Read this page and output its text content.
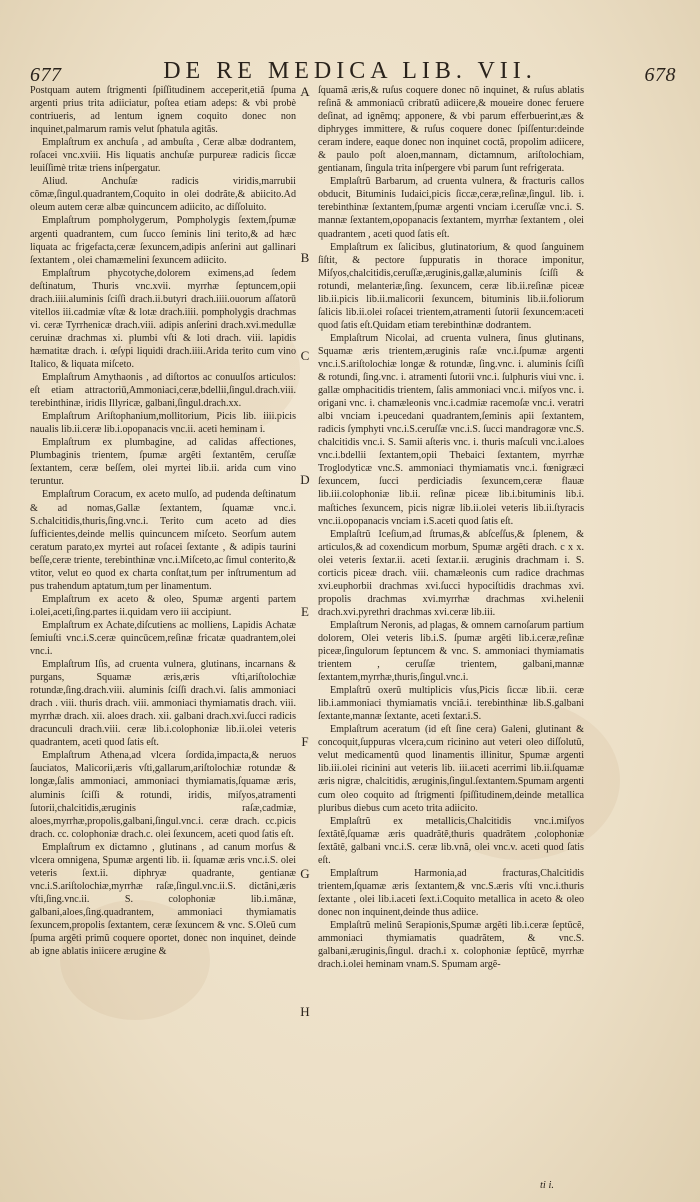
677	DE RE MEDICA LIB. VII.	678

Postquam autem ſtrigmenti ſpiſſitudinem acceperit,etiã ſpuma argenti prius trita adiiciatur, poſtea etiam adeps: & vbi probè contriueris, ad lentum ignem coquito donec non inquinet,palmarum ramis velut ſphatula agitãs.

Emplaſtrum ex anchuſa , ad ambuſta , Ceræ albæ dodrantem, roſacei vnc.xviii. His liquatis anchuſæ purpureæ radicis ſiccæ leuiſſimè tritæ triens inſpergatur.

Aliud. Anchuſæ radicis viridis,marrubii cõmæ,ſingul.quadrantem,Coquito in olei dodrãte,& abiicito.Ad oleum autem ceræ albæ quincuncem adiicito, ac diſſoluito.

Emplaſtrum pompholygerum, Pompholygis ſextem,ſpumæ argenti quadrantem, cum ſucco ſeminis lini terito,& ad hæc liquata ac frigefacta,ceræ ſexuncem,adipis anſerini aut gallinari ſextantem , olei chamæmelini ſexuncem adiicito.

Emplaſtrum phycotyche,dolorem eximens,ad ſedem deſtinatum, Thuris vnc.xvii. myrrhæ ſeptuncem,opii drach.iiii.aluminis ſciſſi drach.ii.butyri drach.iiii.ouorum aſſatorū vitellos iii.cadmiæ vſtæ & lotæ drach.iiii. pompholygis drachmas vi. ceræ Tyrrhenicæ drach.viii. adipis anſerini drach.xvi.medullæ ceruinæ drachmas xi. plumbi vſti & loti drach. viii. lapidis hæmatitæ drach. i. œſypi liquidi drach.iiii.Arida terito cum vino Italico, & liquata miſceto.

Emplaſtrum Amythaonis , ad diſtortos ac conuulſos articulos: eſt etiam attractoriū,Ammoniaci,ceræ,bdellii,ſingul.drach.viii. terebinthinæ, iridis Illyricæ, galbani,ſingul.drach.xx.

Emplaſtrum Ariſtophanium,mollitorium, Picis lib. iiii.picis naualis lib.ii.ceræ lib.i.opopanacis vnc.ii. aceti heminam i.

Emplaſtrum ex plumbagine, ad calidas affectiones, Plumbaginis trientem, ſpumæ argẽti ſextantẽm, ceruſſæ ſextantem, ceræ beſſem, olei myrtei lib.ii. arida cum vino teruntur.

Emplaſtrum Coracum, ex aceto mulſo, ad pudenda deſtinatum & ad nomas,Gallæ ſextantem, ſquamæ vnc.i. S.chalcitidis,thuris,ſing.vnc.i. Terito cum aceto ad dies ſufficientes,deinde mellis quincuncem miſceto. Seorſum autem ceratum parato,ex myrtei aut roſacei ſextante , & adipis taurini beſſe,ceræ triente, terebinthinæ vnc.i.Miſceto,ac ſimul conterito,& vtitor, velut eo quod ex charta conſtat,tum per inſtrumentum ad pus trahendum aptatum,tum per linamentum.

Emplaſtrum ex aceto & oleo, Spumæ argenti partem i.olei,aceti,ſing.partes ii.quidam vero iii accipiunt.

Emplaſtrum ex Achate,diſcutiens ac molliens, Lapidis Achatæ ſemiuſti vnc.i.S.ceræ quincūcem,reſinæ fricatæ quadrantem,olei vnc.i.

Emplaſtrum Iſis, ad cruenta vulnera, glutinans, incarnans & purgans, Squamæ æris,æris vſti,ariſtolochiæ rotundæ,ſing.drach.viii. aluminis ſciſſi drach.vi. ſalis ammoniaci drach . viii. thuris drach. viii. ammoniaci thymiamatis drach. viii. myrrhæ drach. xii. aloes drach. xii. galbani drach.xvi.ſucci radicis dracunculi drach.viii. ceræ lib.i.colophoniæ lib.ii.olei veteris quadrantem, aceti quod ſatis eſt.

Emplaſtrum Athena,ad vlcera ſordida,impacta,& neruos ſauciatos, Malicorii,æris vſti,gallarum,ariſtolochiæ rotundæ & longæ,ſalis ammoniaci, ammoniaci thymiamatis,ſquamæ æris, aluminis ſciſſi & rotundi, iridis, miſyos,atramenti ſutorii,chalcitidis,æruginis raſæ,cadmiæ, aloes,myrrhæ,propolis,galbani,ſingul.vnc.i. ceræ drach. cc.picis drach. cc. colophoniæ drach.c. olei ſexuncem, aceti quod ſatis eſt.

Emplaſtrum ex dictamno , glutinans , ad canum morſus & vlcera omnigena, Spumæ argenti lib. ii. ſquamæ æris vnc.i.S. olei veteris ſext.ii. diphryæ quadrante, gentianæ vnc.i.S.ariſtolochiæ,myrrhæ raſæ,ſingul.vnc.ii.S. dictãni,æris vſti,ſing.vnc.ii. S. colophoniæ lib.i.mãnæ, galbani,aloes,ſing.quadrantem, ammoniaci thymiamatis ſexuncem,propolis ſextantem, ceræ ſexuncem & vnc. S.Oleũ cum ſpuma argẽti primũ coquere oportet, donec non inquinet, deinde ab igne ablatis iniicere ærugine &

A
B
C
D
E
F
G
H

ſquamã æris,& ruſus coquere donec nõ inquinet, & ruſus ablatis reſinã & ammoniacũ cribratũ adiicere,& moueire donec feruere deſinat, ad ignẽmq; apponere, & vbi parum efferbuerint,æs & diphryges immittere, & ruſus coquere donec ſpiſſentur:deinde ceram indere, eaque donec non inquinet coctã, propolim adiicere, & paulo poſt aloen,mannam, dictamnum, ariſtolochiam, gentianam, ſingula trita inſpergere vbi parum ſunt refrigerata.

Emplaſtrũ Barbarum, ad cruenta vulnera, & fracturis callos obducit, Bituminis Iudaici,picis ſiccæ,ceræ,reſinæ,ſingul. lib. i. terebinthinæ ſextantem,ſpumæ argenti vnciam i.ceruſſæ vnc.i. S. mannæ ſextantem,opopanacis ſextantem, myrrhæ ſextantem , olei quadrantem , aceti quod ſatis eſt.

Emplaſtrum ex ſalicibus, glutinatorium, & quod ſanguinem ſiſtit, & pectore ſuppuratis in thorace imponitur, Miſyos,chalcitidis,ceruſſæ,æruginis,gallæ,aluminis ſciſſi & rotundi, melanteriæ,ſing. ſexuncem, ceræ lib.ii.reſinæ piceæ lib.ii.picis lib.ii.malicorii ſexuncem, bituminis lib.ii.foliorum ſalicis lib.ii.olei roſacei trientem,atramenti ſutorii ſexuncem:aceti quod ſatis eſt.Quidam etiam terebinthinæ dodrantem.

Emplaſtrum Nicolai, ad cruenta vulnera, ſinus glutinans, Squamæ æris trientem,æruginis raſæ vnc.i.ſpumæ argenti vnc.i.S.ariſtolochiæ longæ & rotundæ, ſing.vnc. i. aluminis ſciſſi & rotundi, ſing.vnc. i. atramenti ſutorii vnc.i. ſulphuris viui vnc. i. gallæ omphacitidis trientem, ſalis ammoniaci vnc.i. miſyos vnc. i. origani vnc. i. chamæleonis vnc.i.cadmiæ racemoſæ vnc.i. veratri albi vnciam i.peucedani quadrantem,ſeminis apii ſextantem, radicis ſymphyti vnc.i.S.ceruſſæ vnc.i.S. ſucci mandragoræ vnc.S. chalcitidis vnc.i. S. Samii aſteris vnc. i. thuris maſculi vnc.i.aloes vnc.i.bdellii ſextantem,opii Thebaici ſextantem, myrrhæ Troglodyticæ vnc.S. ammoniaci thymiamatis vnc.i. fœnigræci ſexuncem, ſucci perdiciadis ſexuncem,ceræ flauæ lib.iii.colophoniæ lib.ii. reſinæ piceæ lib.i.bituminis lib.i. maſtiches ſexuncem, picis nigræ lib.ii.olei veteris lib.ii.ſtyracis vnc.ii.opopanacis vnciam i.S.aceti quod ſatis eſt.

Emplaſtrũ Iceſium,ad ſtrumas,& abſceſſus,& ſplenem, & articulos,& ad coxendicum morbum, Spumæ argẽti drach. c x x. olei veteris ſextar.ii. aceti ſextar.ii. æruginis drachmam i. S. corticis piceæ drach. viii. chamæleonis cum radice drachmas xvi.euphorbii drachmas xvi.ſucci hypociſtidis drachmas xvi. propolis drachmas xvi.myrrhæ drachmas xvi.helenii drach.xvi.pyrethri drachmas xvi.ceræ lib.iii.

Emplaſtrum Neronis, ad plagas, & omnem carnoſarum partium dolorem, Olei veteris lib.i.S. ſpumæ argẽti lib.i.ceræ,reſinæ piceæ,ſingulorum ſeptuncem & vnc. S. ammoniaci thymiamatis trientem , ceruſſæ trientem, galbani,mannæ ſextantem,myrrhæ,thuris,ſingul.vnc.i.

Emplaſtrũ oxerũ multiplicis vſus,Picis ſiccæ lib.ii. ceræ lib.i.ammoniaci thymiamatis vnciã.i. terebinthinæ lib.S.galbani ſextante,mannæ ſextante, aceti ſextar.i.S.

Emplaſtrum aceratum (id eſt ſine cera) Galeni, glutinant & concoquit,ſuppuras vlcera,cum ricinino aut veteri oleo diſſolutũ, velut medicamentũ quod linamentis illinitur, Spumæ argenti lib.iii.olei ricinini aut veteris lib. iii.aceti acerrimi lib.ii.ſquamæ æris nigræ, chalcitidis, æruginis,ſingul.ſextantem.Spumam argenti cum oleo coquito ad ſtrigmenti ſpiſſitudinem,deinde metallica pluribus diebus cum aceto trita adiicito.

Emplaſtrũ ex metallicis,Chalcitidis vnc.i.miſyos ſextãtẽ,ſquamæ æris quadrãtẽ,thuris quadrãtem ,colophoniæ ſextãtẽ, galbani vnc.i.S. ceræ lib.vnã, olei vnc.v. aceti quod ſatis eſt.

Emplaſtrum Harmonia,ad fracturas,Chalcitidis trientem,ſquamæ æris ſextantem,& vnc.S.æris vſti vnc.i.thuris ſextante , olei lib.i.aceti ſext.i.Coquito metallica in aceto & oleo donec non inquinent,deinde thus adiice.

Emplaſtrũ melinũ Serapionis,Spumæ argẽti lib.i.ceræ ſeptũcẽ, ammoniaci thymiamatis quadrãtem, & vnc.S. galbani,æruginis,ſingul. drach.i x. colophoniæ ſeptũcẽ, myrrhæ drach.i.olei heminam vnam.S. Spumam argẽ-

ti i.
